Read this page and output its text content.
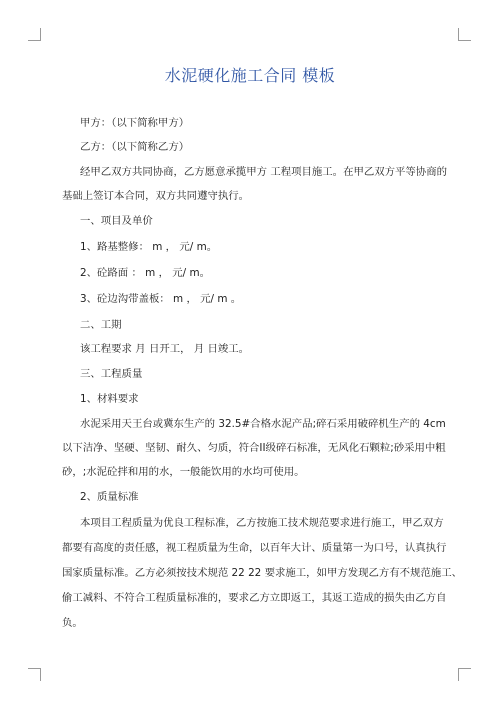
水泥硬化施工合同 模板
甲方：（以下简称甲方）
乙方：（以下简称乙方）
经甲乙双方共同协商，乙方愿意承揽甲方 工程项目施工。在甲乙双方平等协商的
基础上签订本合同，双方共同遵守执行。
一、项目及单价
1、路基整修： m ， 元/ m。
2、砼路面 ： m ， 元/ m。
3、砼边沟带盖板： m ， 元/ m 。
二、工期
该工程要求 月 日开工， 月 日竣工。
三、工程质量
1、材料要求
水泥采用天王台或冀东生产的 32.5#合格水泥产品;碎石采用破碎机生产的 4cm
以下洁净、坚硬、坚韧、耐久、匀质，符合II级碎石标准，无风化石颗粒;砂采用中粗
砂，;水泥砼拌和用的水，一般能饮用的水均可使用。
2、质量标准
本项目工程质量为优良工程标准，乙方按施工技术规范要求进行施工，甲乙双方
都要有高度的责任感，视工程质量为生命，以百年大计、质量第一为口号，认真执行
国家质量标准。乙方必须按技术规范 22 22 要求施工，如甲方发现乙方有不规范施工、
偷工减料、不符合工程质量标准的，要求乙方立即返工，其返工造成的损失由乙方自
负。
